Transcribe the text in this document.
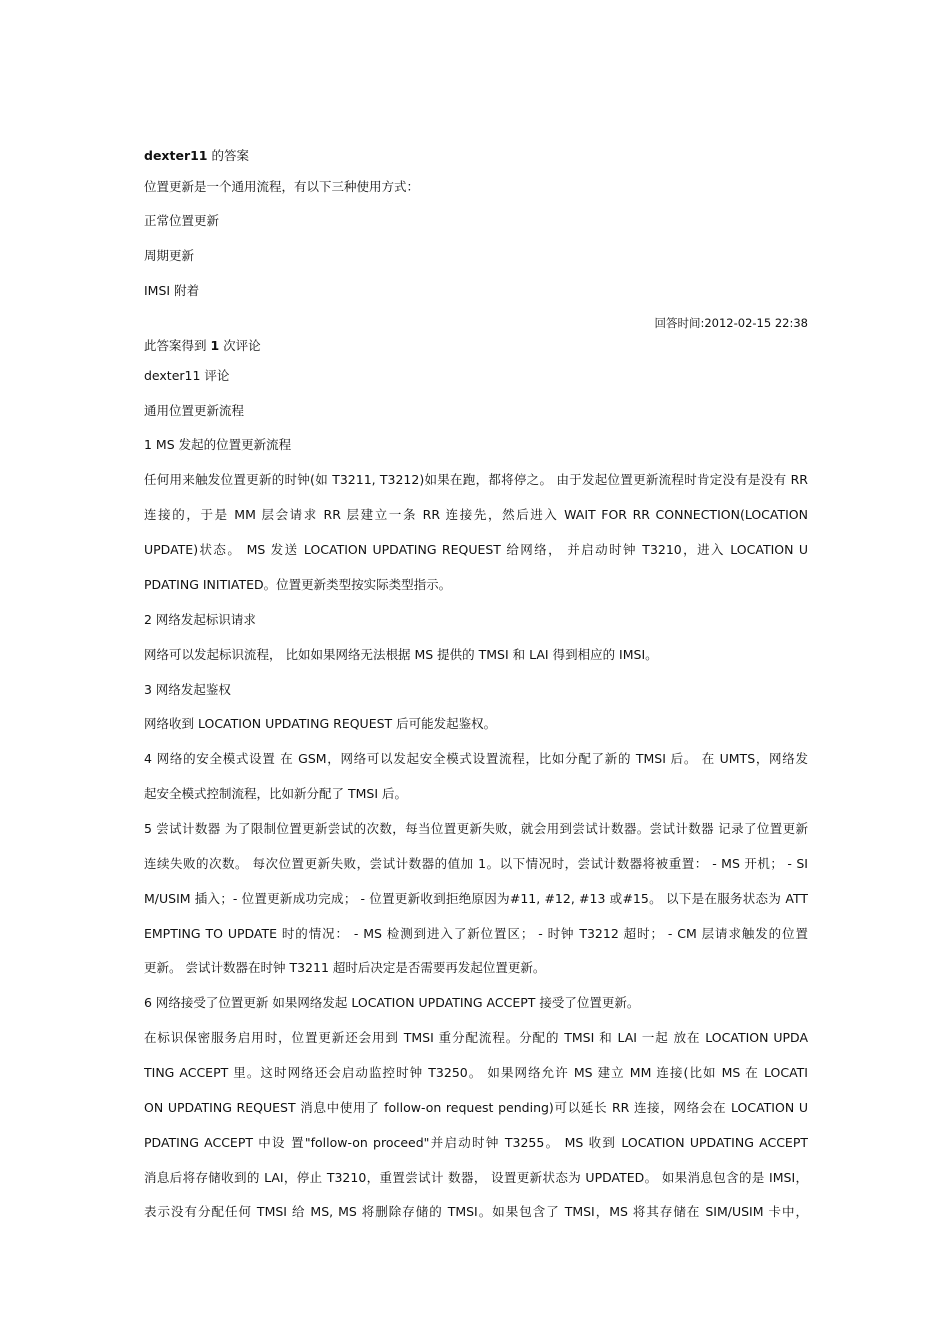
dexter11 的答案
位置更新是一个通用流程，有以下三种使用方式：
正常位置更新
周期更新
IMSI 附着
回答时间:2012-02-15 22:38
此答案得到 1 次评论
dexter11 评论
通用位置更新流程
1 MS 发起的位置更新流程
任何用来触发位置更新的时钟(如 T3211, T3212)如果在跑，都将停之。 由于发起位置更新流程时肯定没有是没有 RR
连接的，于是 MM 层会请求 RR 层建立一条 RR 连接先，然后进入 WAIT FOR RR CONNECTION(LOCATION
UPDATE)状态。 MS 发送 LOCATION UPDATING REQUEST 给网络， 并启动时钟 T3210，进入 LOCATION U
PDATING INITIATED。位置更新类型按实际类型指示。
2 网络发起标识请求
网络可以发起标识流程， 比如如果网络无法根据 MS 提供的 TMSI 和 LAI 得到相应的 IMSI。
3 网络发起鉴权
网络收到 LOCATION UPDATING REQUEST 后可能发起鉴权。
4 网络的安全模式设置 在 GSM，网络可以发起安全模式设置流程，比如分配了新的 TMSI 后。 在 UMTS，网络发
起安全模式控制流程，比如新分配了 TMSI 后。
5 尝试计数器 为了限制位置更新尝试的次数，每当位置更新失败，就会用到尝试计数器。尝试计数器 记录了位置更新
连续失败的次数。 每次位置更新失败，尝试计数器的值加 1。以下情况时，尝试计数器将被重置： - MS 开机； - SI
M/USIM 插入；- 位置更新成功完成； - 位置更新收到拒绝原因为#11, #12, #13 或#15。 以下是在服务状态为 ATT
EMPTING TO UPDATE 时的情况： - MS 检测到进入了新位置区； - 时钟 T3212 超时； - CM 层请求触发的位置
更新。 尝试计数器在时钟 T3211 超时后决定是否需要再发起位置更新。
6 网络接受了位置更新 如果网络发起 LOCATION UPDATING ACCEPT 接受了位置更新。
在标识保密服务启用时，位置更新还会用到 TMSI 重分配流程。分配的 TMSI 和 LAI 一起 放在 LOCATION UPDA
TING ACCEPT 里。这时网络还会启动监控时钟 T3250。 如果网络允许 MS 建立 MM 连接(比如 MS 在 LOCATI
ON UPDATING REQUEST 消息中使用了 follow-on request pending)可以延长 RR 连接，网络会在 LOCATION U
PDATING ACCEPT 中设 置"follow-on proceed"并启动时钟 T3255。 MS 收到 LOCATION UPDATING ACCEPT
消息后将存储收到的 LAI，停止 T3210，重置尝试计 数器， 设置更新状态为 UPDATED。 如果消息包含的是 IMSI，
表示没有分配任何 TMSI 给 MS, MS 将删除存储的 TMSI。如果包含了 TMSI，MS 将其存储在 SIM/USIM 卡中，
